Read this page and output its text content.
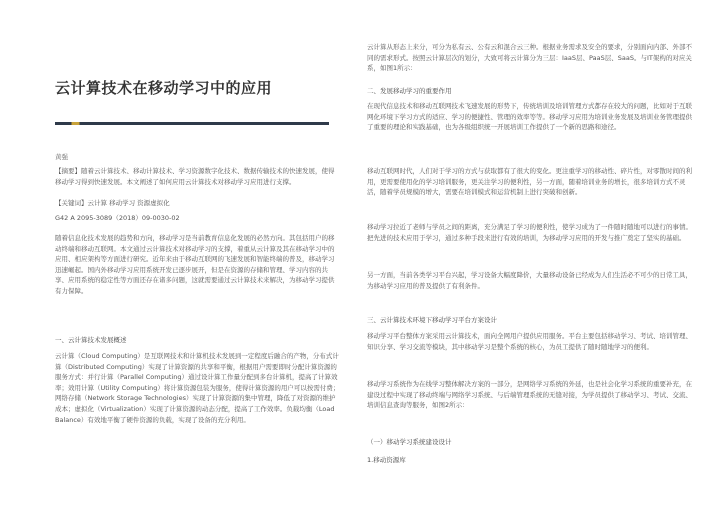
云计算技术在移动学习中的应用
黄强
【摘要】随着云计算技术、移动计算技术、学习资源数字化技术、数据传输技术的快速发展，使得移动学习得到快速发展。本文阐述了如何应用云计算技术对移动学习应用进行支撑。
【关键词】云计算 移动学习 资源虚拟化
G42 A 2095-3089（2018）09-0030-02
随着信息化技术发展的趋势和方向，移动学习是当前教育信息化发展的必然方向。其包括用户的移动终端和移动互联网。本文通过云计算技术对移动学习的支撑，着重从云计算及其在移动学习中的应用、相应架构等方面进行研究。近年来由于移动互联网的飞速发展和智能终端的普及，移动学习迅速崛起。国内外移动学习应用系统开发已逐步展开，但是在资源的存储和管理、学习内容的共享、应用系统的稳定性等方面还存在诸多问题，这就需要通过云计算技术来解决，为移动学习提供有力保障。
一、云计算技术发展概述
云计算（Cloud Computing）是互联网技术和计算机技术发展到一定程度后融合的产物，分布式计算（Distributed Computing）实现了计算资源的共享和平衡，根据用户需要即时分配计算资源的服务方式：并行计算（Parallel Computing）通过设计算工作量分配到多台计算机，提高了计算效率；效用计算（Utility Computing）将计算资源包装为服务，使得计算资源的用户可以按需付费；网络存储（Network Storage Technologies）实现了计算资源的集中管理，降低了对资源的维护成本；虚拟化（Virtualization）实现了计算资源的动态分配，提高了工作效率。负载均衡（Load Balance）有效地平衡了硬件资源的负载，实现了设备的充分利用。
云计算从形态上来分，可分为私有云、公有云和混合云三种。根据业务需求及安全的要求，分别面向内部、外部不同的需求形式。按照云计算层次的划分，大致可将云计算分为三层：IaaS层、PaaS层、SaaS。与IT架构的对应关系，如图1所示：
二、发展移动学习的重要作用
在现代信息技术和移动互联网技术飞速发展的形势下，传统培训及培训管理方式都存在较大的问题，比如对于互联网化环境下学习方式的适应、学习的便捷性、管理的效率等等。移动学习应用为培训业务发展及培训业务管理提供了重要的理论和实践基础，也为各级组织统一开展培训工作提供了一个新的思路和途径。
移动互联网时代，人们对于学习的方式与获取都有了很大的变化。更注重学习的移动性、碎片性，对零散时间的利用，更需要使用化的学习培训服务，更关注学习的便利性，另一方面，随着培训业务的增长，很多培训方式不灵活，随着学员规模的增大，需要在培训模式和运营机制上进行突破和创新。
移动学习拉近了老师与学员之间的距离，充分满足了学习的便利性，使学习成为了一件随时随地可以进行的事情。把先进的技术应用于学习，通过多种手段来进行有效的培训，为移动学习应用的开发与推广奠定了坚实的基础。
另一方面，当前各类学习平台兴起，学习设备大幅度降价，大量移动设备已经成为人们生活必不可少的日常工具，为移动学习应用的普及提供了有利条件。
三、云计算技术环境下移动学习平台方案设计
移动学习平台整体方案采用云计算技术，面向全网用户提供应用服务。平台主要包括移动学习、考试、培训管理、知识分享、学习交流等模块，其中移动学习是整个系统的核心，为员工提供了随时随地学习的便利。
移动学习系统作为在线学习整体解决方案的一部分，是网络学习系统的外延，也是社会化学习系统的重要补充，在建设过程中实现了移动终端与网络学习系统、与后端管理系统的无缝对接，为学员提供了移动学习、考试、交流、培训信息查询等服务，如图2所示：
（一）移动学习系统建设设计
1.移动资源库
